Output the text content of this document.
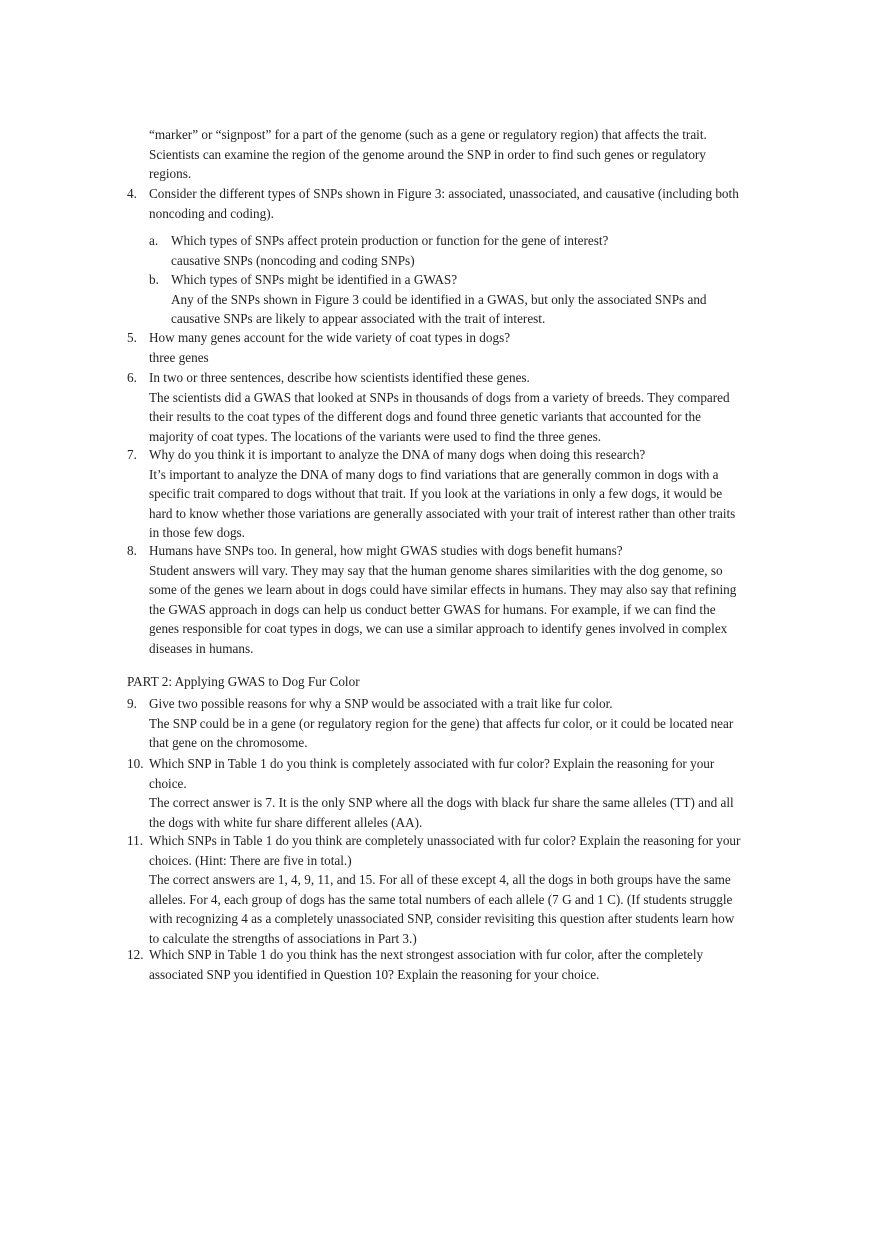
“marker” or “signpost” for a part of the genome (such as a gene or regulatory region) that affects the trait. Scientists can examine the region of the genome around the SNP in order to find such genes or regulatory regions.

4. Consider the different types of SNPs shown in Figure 3: associated, unassociated, and causative (including both noncoding and coding).

a. Which types of SNPs affect protein production or function for the gene of interest?
causative SNPs (noncoding and coding SNPs)

b. Which types of SNPs might be identified in a GWAS?
Any of the SNPs shown in Figure 3 could be identified in a GWAS, but only the associated SNPs and causative SNPs are likely to appear associated with the trait of interest.

5. How many genes account for the wide variety of coat types in dogs?
three genes

6. In two or three sentences, describe how scientists identified these genes.
The scientists did a GWAS that looked at SNPs in thousands of dogs from a variety of breeds. They compared their results to the coat types of the different dogs and found three genetic variants that accounted for the majority of coat types. The locations of the variants were used to find the three genes.

7. Why do you think it is important to analyze the DNA of many dogs when doing this research?
It’s important to analyze the DNA of many dogs to find variations that are generally common in dogs with a specific trait compared to dogs without that trait. If you look at the variations in only a few dogs, it would be hard to know whether those variations are generally associated with your trait of interest rather than other traits in those few dogs.

8. Humans have SNPs too. In general, how might GWAS studies with dogs benefit humans?
Student answers will vary. They may say that the human genome shares similarities with the dog genome, so some of the genes we learn about in dogs could have similar effects in humans. They may also say that refining the GWAS approach in dogs can help us conduct better GWAS for humans. For example, if we can find the genes responsible for coat types in dogs, we can use a similar approach to identify genes involved in complex diseases in humans.

PART 2: Applying GWAS to Dog Fur Color

9. Give two possible reasons for why a SNP would be associated with a trait like fur color.
The SNP could be in a gene (or regulatory region for the gene) that affects fur color, or it could be located near that gene on the chromosome.

10. Which SNP in Table 1 do you think is completely associated with fur color? Explain the reasoning for your choice.
The correct answer is 7. It is the only SNP where all the dogs with black fur share the same alleles (TT) and all the dogs with white fur share different alleles (AA).

11. Which SNPs in Table 1 do you think are completely unassociated with fur color? Explain the reasoning for your choices. (Hint: There are five in total.)
The correct answers are 1, 4, 9, 11, and 15. For all of these except 4, all the dogs in both groups have the same alleles. For 4, each group of dogs has the same total numbers of each allele (7 G and 1 C). (If students struggle with recognizing 4 as a completely unassociated SNP, consider revisiting this question after students learn how to calculate the strengths of associations in Part 3.)

12. Which SNP in Table 1 do you think has the next strongest association with fur color, after the completely associated SNP you identified in Question 10? Explain the reasoning for your choice.
